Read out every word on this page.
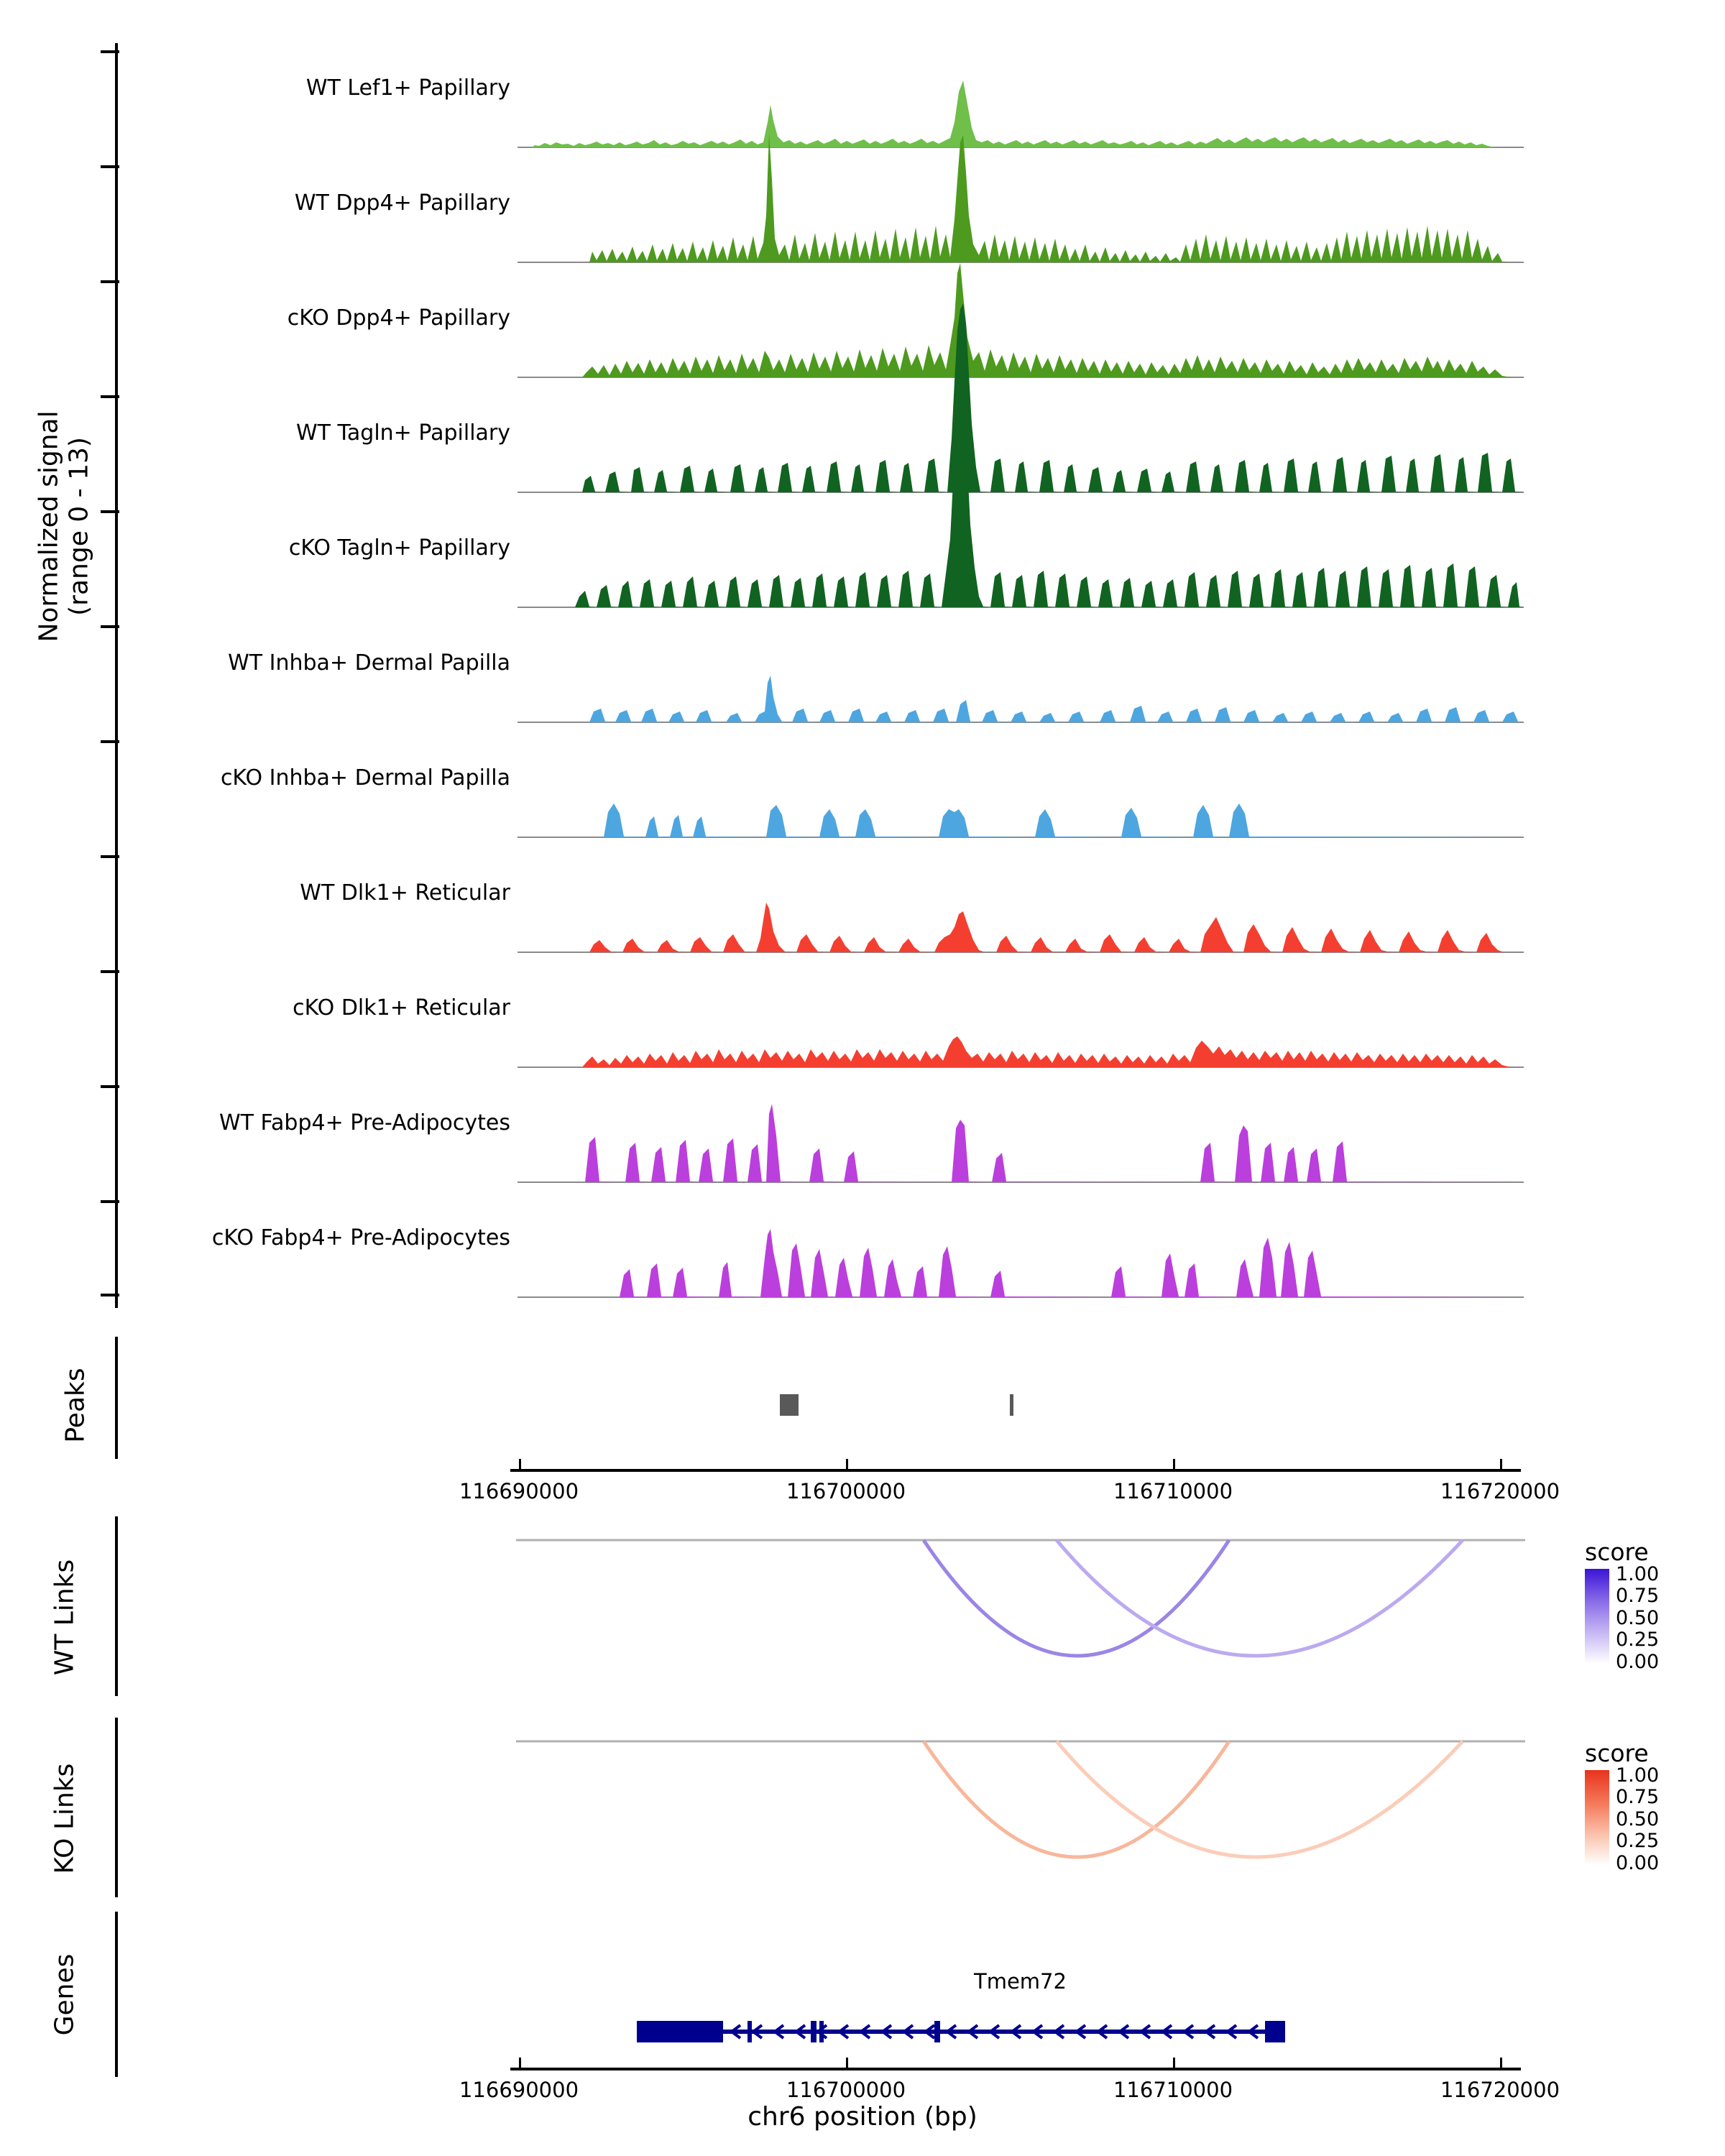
Normalized signal (range 0 - 13)
WT Lef1+ Papillary
WT Dpp4+ Papillary
cKO Dpp4+ Papillary
WT Tagln+ Papillary
cKO Tagln+ Papillary
WT Inhba+ Dermal Papilla
cKO Inhba+ Dermal Papilla
WT Dlk1+ Reticular
cKO Dlk1+ Reticular
WT Fabp4+ Pre-Adipocytes
cKO Fabp4+ Pre-Adipocytes
Peaks
116690000	116700000	116710000	116720000
WT Links
score
1.00
0.75
0.50
0.25
0.00
KO Links
score
1.00
0.75
0.50
0.25
0.00
Genes	Tmem72
116690000	116700000	116710000	116720000
chr6 position (bp)
